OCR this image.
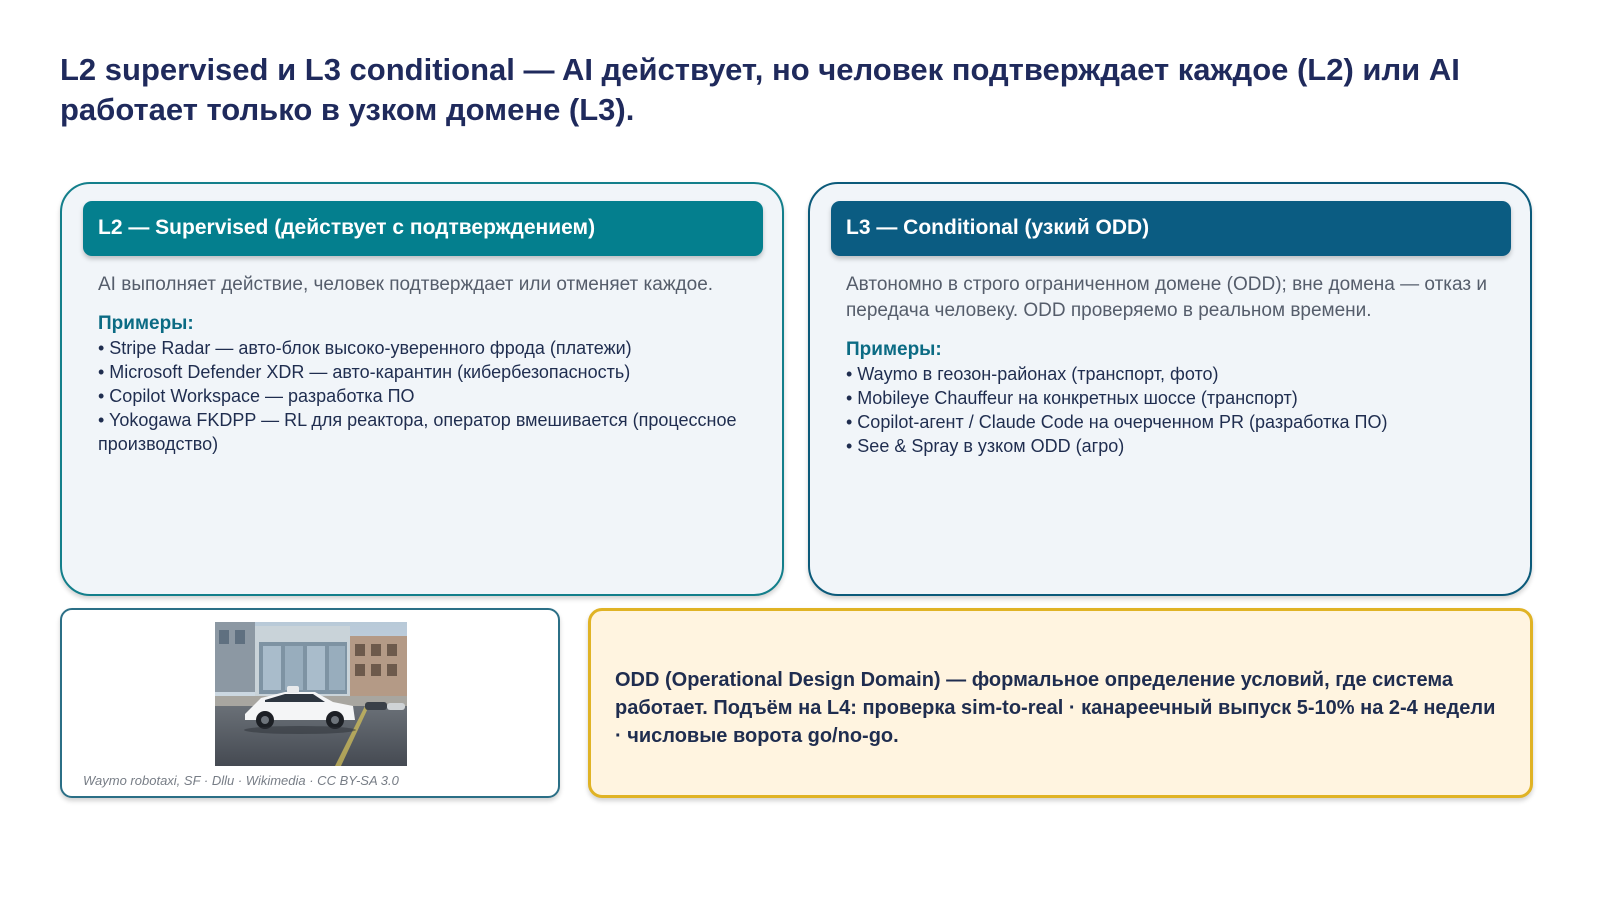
L2 supervised и L3 conditional — AI действует, но человек подтверждает каждое (L2) или AI работает только в узком домене (L3).
L2 — Supervised (действует с подтверждением)

AI выполняет действие, человек подтверждает или отменяет каждое.

Примеры:
• Stripe Radar — авто-блок высоко-уверенного фрода (платежи)
• Microsoft Defender XDR — авто-карантин (кибербезопасность)
• Copilot Workspace — разработка ПО
• Yokogawa FKDPP — RL для реактора, оператор вмешивается (процессное производство)
L3 — Conditional (узкий ODD)

Автономно в строго ограниченном домене (ODD); вне домена — отказ и передача человеку. ODD проверяемо в реальном времени.

Примеры:
• Waymo в геозон-районах (транспорт, фото)
• Mobileye Chauffeur на конкретных шоссе (транспорт)
• Copilot-агент / Claude Code на очерченном PR (разработка ПО)
• See & Spray в узком ODD (агро)
Waymo robotaxi, SF · Dllu · Wikimedia · CC BY-SA 3.0

ODD (Operational Design Domain) — формальное определение условий, где система работает. Подъём на L4: проверка sim-to-real · канареечный выпуск 5-10% на 2-4 недели · числовые ворота go/no-go.
